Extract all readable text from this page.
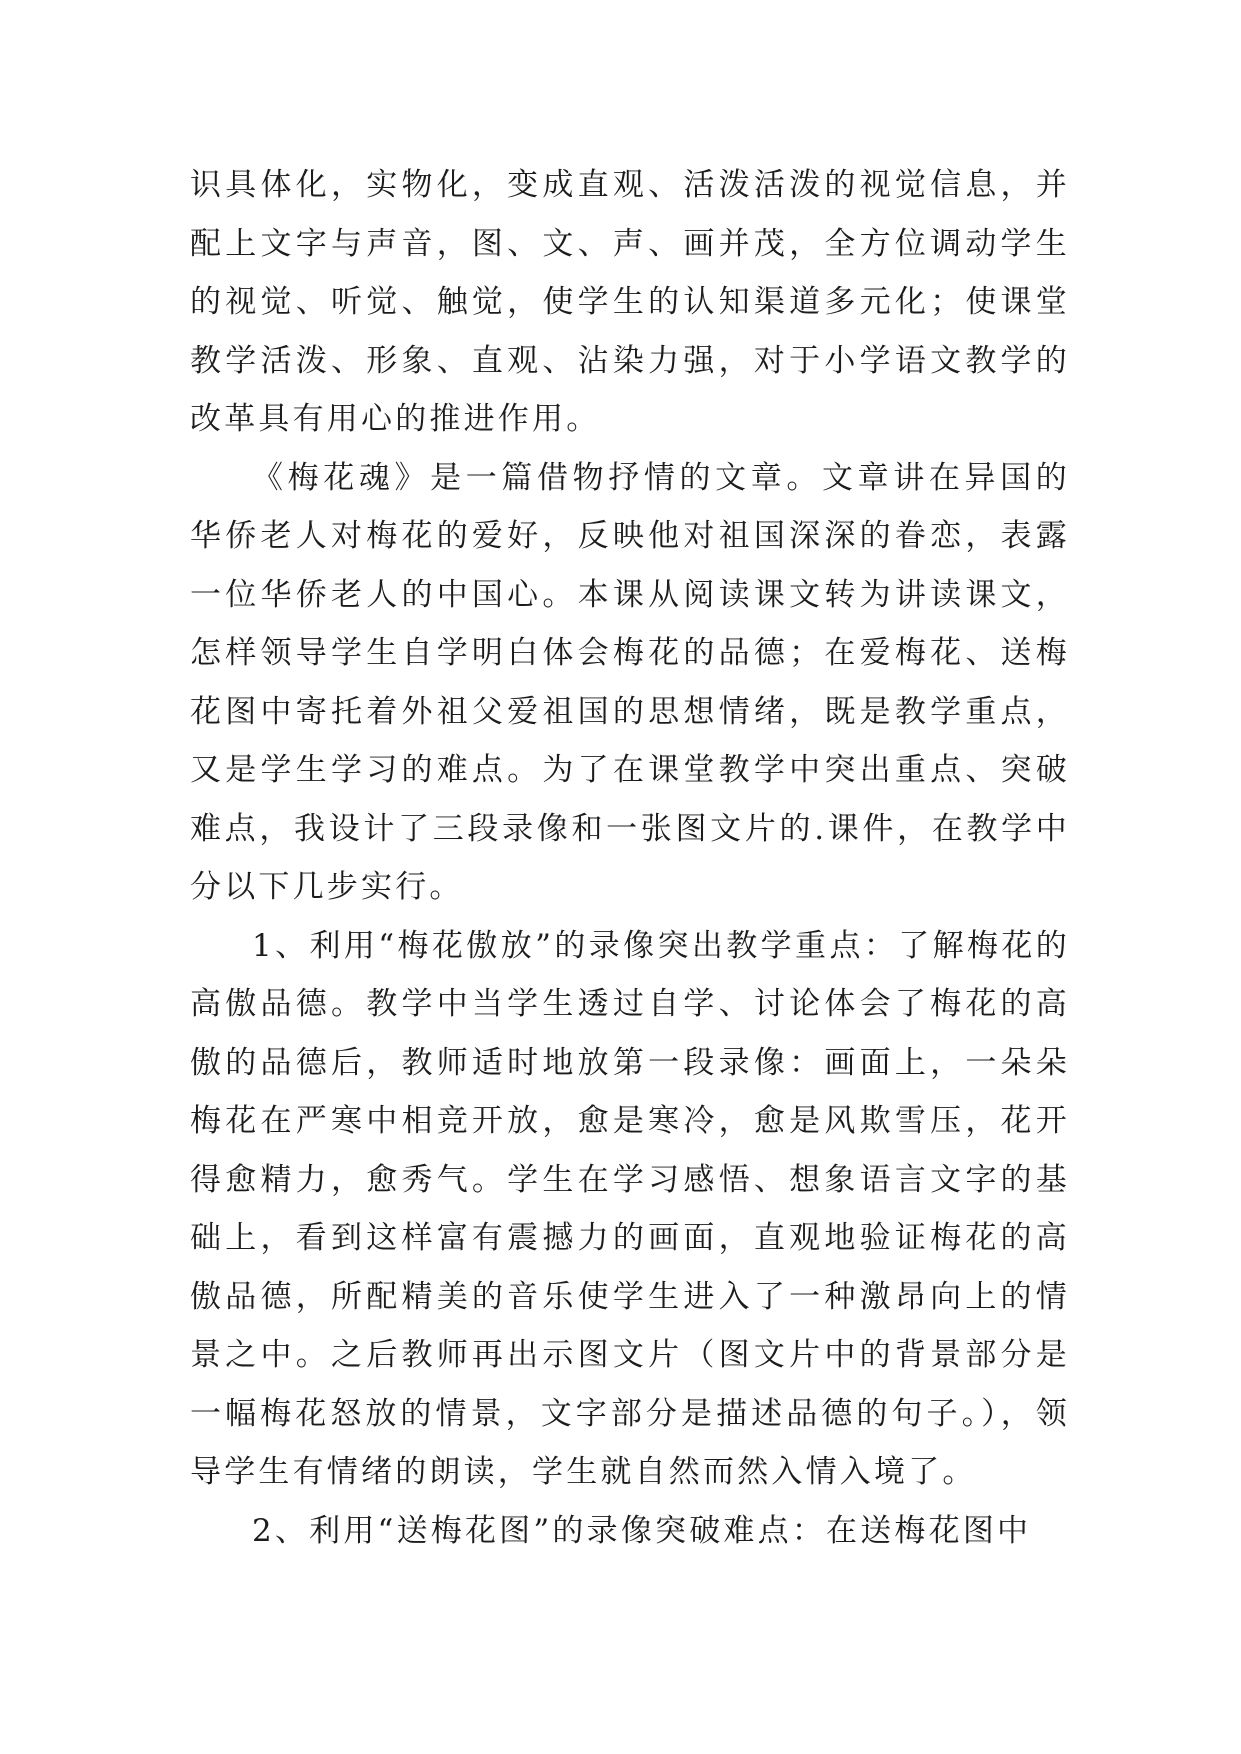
识具体化，实物化，变成直观、活泼活泼的视觉信息，并配上文字与声音，图、文、声、画并茂，全方位调动学生的视觉、听觉、触觉，使学生的认知渠道多元化；使课堂教学活泼、形象、直观、沾染力强，对于小学语文教学的改革具有用心的推进作用。

《梅花魂》是一篇借物抒情的文章。文章讲在异国的华侨老人对梅花的爱好，反映他对祖国深深的眷恋，表露一位华侨老人的中国心。本课从阅读课文转为讲读课文，怎样领导学生自学明白体会梅花的品德；在爱梅花、送梅花图中寄托着外祖父爱祖国的思想情绪，既是教学重点，又是学生学习的难点。为了在课堂教学中突出重点、突破难点，我设计了三段录像和一张图文片的.课件，在教学中分以下几步实行。

1、利用“梅花傲放”的录像突出教学重点：了解梅花的高傲品德。教学中当学生透过自学、讨论体会了梅花的高傲的品德后，教师适时地放第一段录像：画面上，一朵朵梅花在严寒中相竞开放，愈是寒冷，愈是风欺雪压，花开得愈精力，愈秀气。学生在学习感悟、想象语言文字的基础上，看到这样富有震撼力的画面，直观地验证梅花的高傲品德，所配精美的音乐使学生进入了一种激昂向上的情景之中。之后教师再出示图文片（图文片中的背景部分是一幅梅花怒放的情景，文字部分是描述品德的句子。），领导学生有情绪的朗读，学生就自然而然入情入境了。

2、利用“送梅花图”的录像突破难点：在送梅花图中
